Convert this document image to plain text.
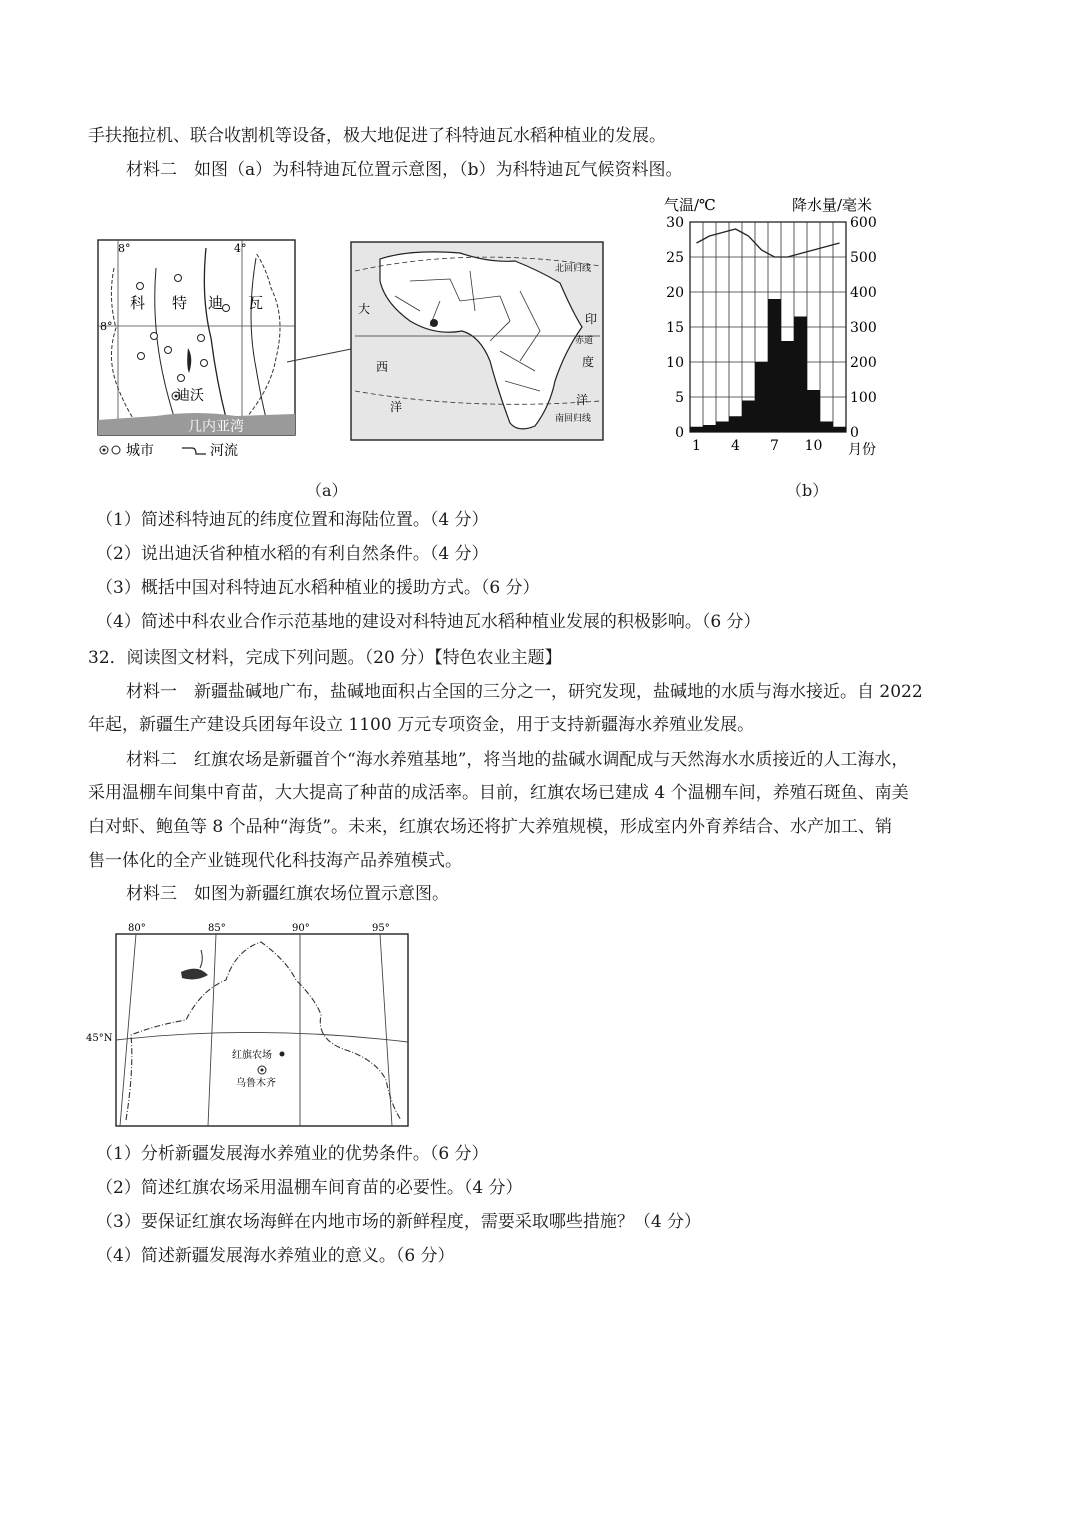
手扶拖拉机、联合收割机等设备，极大地促进了科特迪瓦水稻种植业的发展。
材料二　如图（a）为科特迪瓦位置示意图，（b）为科特迪瓦气候资料图。
8°	4°
8°
科 特 迪 瓦
迪沃
几内亚湾
城市	河流
大
西
洋
印
度
洋
北回归线
赤道
南回归线
（a）
0
5
10
15
20
25
30
0
100
200
300
400
500
600
1 4 7 10
气温/℃	降水量/毫米
月份
（b）
（1）简述科特迪瓦的纬度位置和海陆位置。（4 分）
（2）说出迪沃省种植水稻的有利自然条件。（4 分）
（3）概括中国对科特迪瓦水稻种植业的援助方式。（6 分）
（4）简述中科农业合作示范基地的建设对科特迪瓦水稻种植业发展的积极影响。（6 分）
32．阅读图文材料，完成下列问题。（20 分）【特色农业主题】
材料一　新疆盐碱地广布，盐碱地面积占全国的三分之一，研究发现，盐碱地的水质与海水接近。自 2022
年起，新疆生产建设兵团每年设立 1100 万元专项资金，用于支持新疆海水养殖业发展。
材料二　红旗农场是新疆首个“海水养殖基地”，将当地的盐碱水调配成与天然海水水质接近的人工海水，
采用温棚车间集中育苗，大大提高了种苗的成活率。目前，红旗农场已建成 4 个温棚车间，养殖石斑鱼、南美
白对虾、鲍鱼等 8 个品种“海货”。未来，红旗农场还将扩大养殖规模，形成室内外育养结合、水产加工、销
售一体化的全产业链现代化科技海产品养殖模式。
材料三　如图为新疆红旗农场位置示意图。
80°	85°	90°	95°
45°N
红旗农场
乌鲁木齐
（1）分析新疆发展海水养殖业的优势条件。（6 分）
（2）简述红旗农场采用温棚车间育苗的必要性。（4 分）
（3）要保证红旗农场海鲜在内地市场的新鲜程度，需要采取哪些措施？（4 分）
（4）简述新疆发展海水养殖业的意义。（6 分）
